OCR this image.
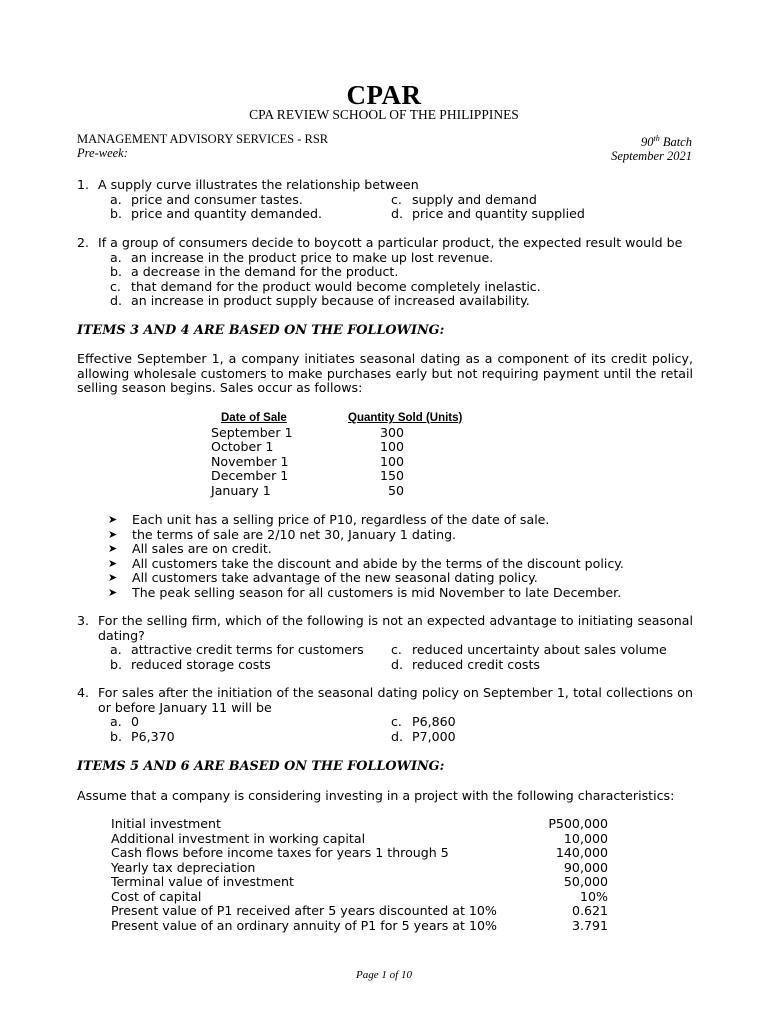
CPAR
CPA REVIEW SCHOOL OF THE PHILIPPINES
MANAGEMENT ADVISORY SERVICES - RSR
Pre-week:
90th Batch
September 2021
1. A supply curve illustrates the relationship between
a. price and consumer tastes.	c. supply and demand
b. price and quantity demanded.	d. price and quantity supplied
2. If a group of consumers decide to boycott a particular product, the expected result would be
a. an increase in the product price to make up lost revenue.
b. a decrease in the demand for the product.
c. that demand for the product would become completely inelastic.
d. an increase in product supply because of increased availability.
ITEMS 3 AND 4 ARE BASED ON THE FOLLOWING:
Effective September 1, a company initiates seasonal dating as a component of its credit policy, allowing wholesale customers to make purchases early but not requiring payment until the retail selling season begins. Sales occur as follows:
Date of Sale	Quantity Sold (Units)
September 1	300
October 1	100
November 1	100
December 1	150
January 1	50
➤	Each unit has a selling price of P10, regardless of the date of sale.
➤	the terms of sale are 2/10 net 30, January 1 dating.
➤	All sales are on credit.
➤	All customers take the discount and abide by the terms of the discount policy.
➤	All customers take advantage of the new seasonal dating policy.
➤	The peak selling season for all customers is mid November to late December.
3. For the selling firm, which of the following is not an expected advantage to initiating seasonal dating?
a. attractive credit terms for customers c. reduced uncertainty about sales volume
b. reduced storage costs	d. reduced credit costs
4. For sales after the initiation of the seasonal dating policy on September 1, total collections on or before January 11 will be
a. 0	c. P6,860
b. P6,370	d. P7,000
ITEMS 5 AND 6 ARE BASED ON THE FOLLOWING:
Assume that a company is considering investing in a project with the following characteristics:
Initial investment	P500,000
Additional investment in working capital	10,000
Cash flows before income taxes for years 1 through 5	140,000
Yearly tax depreciation	90,000
Terminal value of investment	50,000
Cost of capital	10%
Present value of P1 received after 5 years discounted at 10%	0.621
Present value of an ordinary annuity of P1 for 5 years at 10%	3.791
Page 1 of 10
